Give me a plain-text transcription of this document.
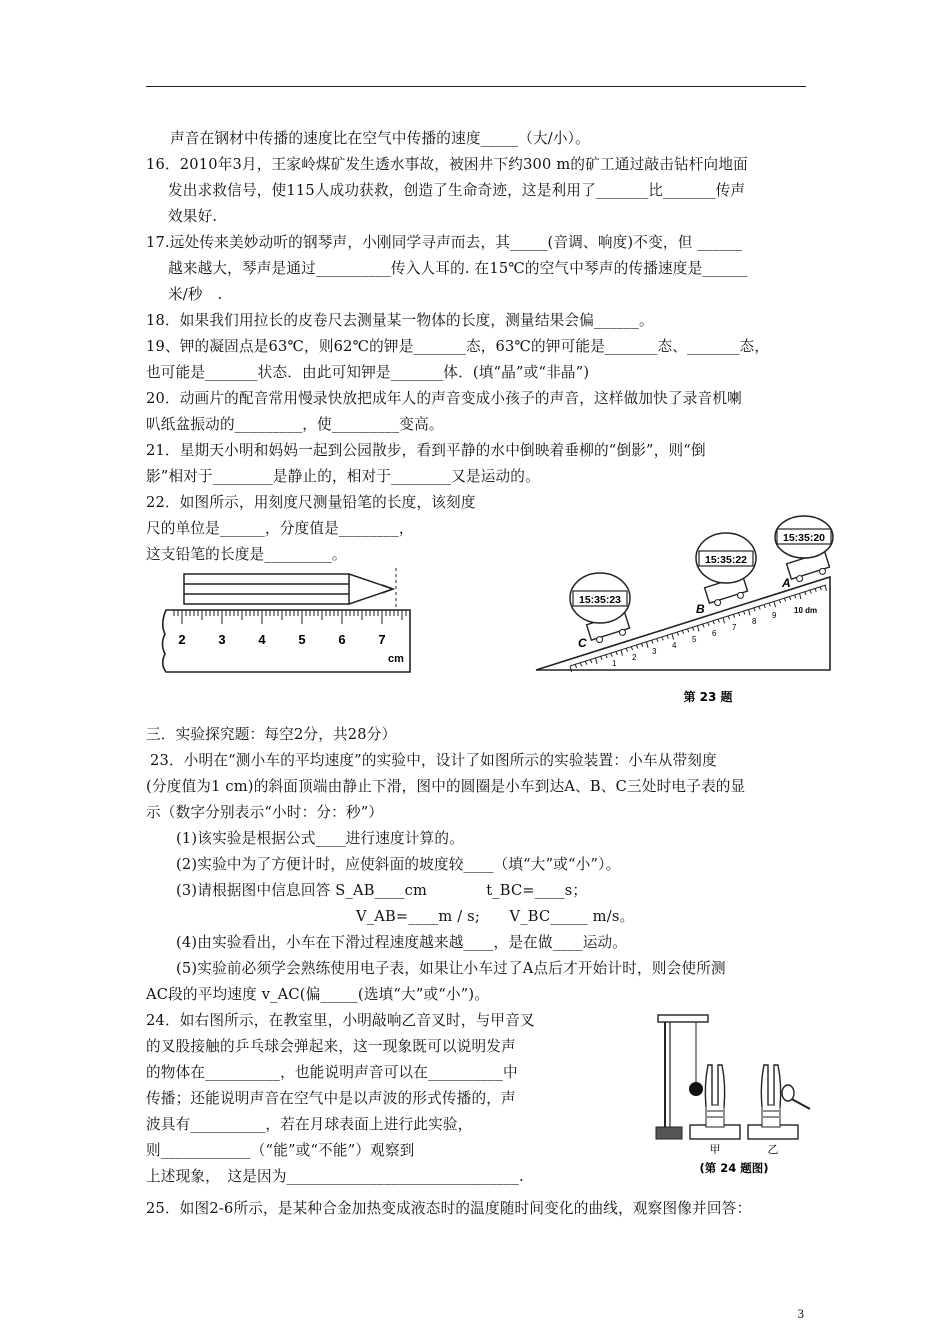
声音在钢材中传播的速度比在空气中传播的速度_____（大/小）。
16．2010年3月，王家岭煤矿发生透水事故，被困井下约300 m的矿工通过敲击钻杆向地面
发出求救信号，使115人成功获救，创造了生命奇迹，这是利用了_______比_______传声
效果好.
17.远处传来美妙动听的钢琴声，小刚同学寻声而去，其_____(音调、响度)不变，但 ______
越来越大，琴声是通过__________传入人耳的. 在15℃的空气中琴声的传播速度是______
米/秒　.
18．如果我们用拉长的皮卷尺去测量某一物体的长度，测量结果会偏______。
19、钾的凝固点是63℃，则62℃的钾是_______态，63℃的钾可能是_______态、_______态，
也可能是_______状态．由此可知钾是_______体．(填“晶”或“非晶”)
20．动画片的配音常用慢录快放把成年人的声音变成小孩子的声音，这样做加快了录音机喇
叭纸盆振动的_________，使_________变高。
21．星期天小明和妈妈一起到公园散步，看到平静的水中倒映着垂柳的“倒影”，则“倒
影”相对于________是静止的，相对于________又是运动的。
22．如图所示，用刻度尺测量铅笔的长度，该刻度
尺的单位是______，分度值是________，
这支铅笔的长度是_________。
2	3	4	5	6	7
cm	1
2
3
4
5
6
7
8
9
10 dm
C
B
A
15:35:23
15:35:22
15:35:20
第 23 题
三．实验探究题：每空2分，共28分）
23．小明在“测小车的平均速度”的实验中，设计了如图所示的实验装置：小车从带刻度
(分度值为1 cm)的斜面顶端由静止下滑，图中的圆圈是小车到达A、B、C三处时电子表的显
示（数字分别表示“小时：分：秒”）
(1)该实验是根据公式____进行速度计算的。
(2)实验中为了方便计时，应使斜面的坡度较____（填“大”或“小”）。
(3)请根据图中信息回答 S_AB____cm　　　　t_BC=____s；
V_AB=____m / s;　　V_BC_____ m/s。
(4)由实验看出，小车在下滑过程速度越来越____，是在做____运动。
(5)实验前必须学会熟练使用电子表，如果让小车过了A点后才开始计时，则会使所测
AC段的平均速度 v_AC(偏_____(选填“大”或“小”)。
24．如右图所示，在教室里，小明敲响乙音叉时，与甲音叉
的叉股接触的乒乓球会弹起来，这一现象既可以说明发声
的物体在__________，也能说明声音可以在__________中
传播；还能说明声音在空气中是以声波的形式传播的，声
波具有__________，若在月球表面上进行此实验，
则____________（“能”或“不能”）观察到
上述现象，　这是因为_______________________________.
甲	乙
(第 24 题图)
25．如图2-6所示，是某种合金加热变成液态时的温度随时间变化的曲线，观察图像并回答：
3
